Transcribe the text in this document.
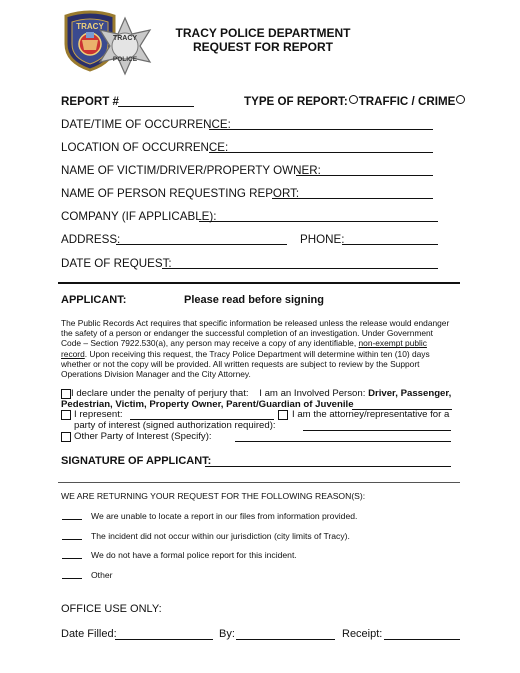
TRACY
TRACY
POLICE
TRACY POLICE DEPARTMENT
REQUEST FOR REPORT
REPORT #	TYPE OF REPORT: TRAFFIC / CRIME
DATE/TIME OF OCCURRENCE:
LOCATION OF OCCURRENCE:
NAME OF VICTIM/DRIVER/PROPERTY OWNER:
NAME OF PERSON REQUESTING REPORT:
COMPANY (IF APPLICABLE):
ADDRESS:	PHONE:
DATE OF REQUEST:
APPLICANT:	Please read before signing
The Public Records Act requires that specific information be released unless the release would endanger
the safety of a person or endanger the successful completion of an investigation. Under Government
Code – Section 7922.530(a), any person may receive a copy of any identifiable, non-exempt public
record. Upon receiving this request, the Tracy Police Department will determine within ten (10) days
whether or not the copy will be provided. All written requests are subject to review by the Support
Operations Division Manager and the City Attorney.
I declare under the penalty of perjury that: I am an Involved Person: Driver, Passenger,
Pedestrian, Victim, Property Owner, Parent/Guardian of Juvenile
I represent:	I am the attorney/representative for a
party of interest (signed authorization required):
Other Party of Interest (Specify):
SIGNATURE OF APPLICANT:
WE ARE RETURNING YOUR REQUEST FOR THE FOLLOWING REASON(S):
We are unable to locate a report in our files from information provided.
The incident did not occur within our jurisdiction (city limits of Tracy).
We do not have a formal police report for this incident.
Other
OFFICE USE ONLY:
Date Filled:	By:	Receipt:
